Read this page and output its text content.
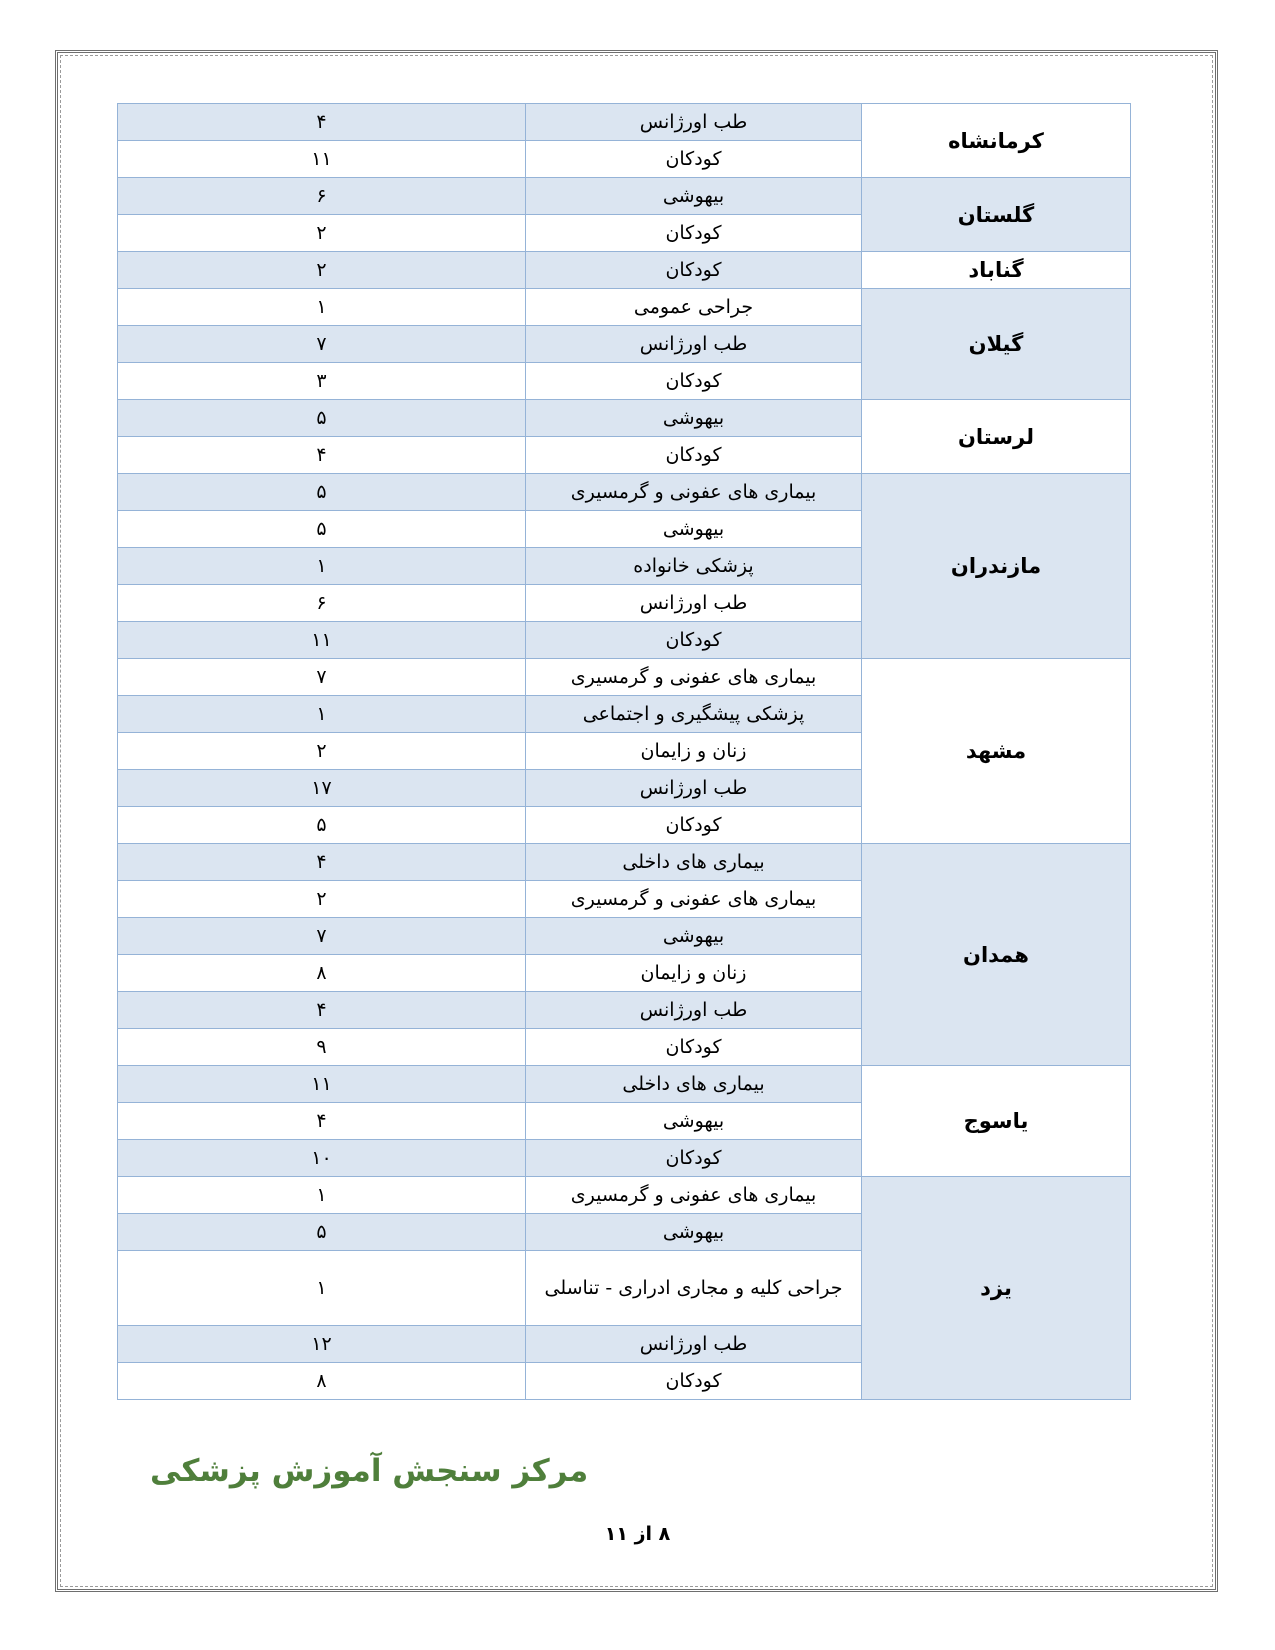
کرمانشاه	طب اورژانس	۴
	کودکان	۱۱
گلستان	بیهوشی	۶
	کودکان	۲
گناباد	کودکان	۲
گیلان	جراحی عمومی	۱
	طب اورژانس	۷
	کودکان	۳
لرستان	بیهوشی	۵
	کودکان	۴
مازندران	بیماری های عفونی و گرمسیری	۵
	بیهوشی	۵
	پزشکی خانواده	۱
	طب اورژانس	۶
	کودکان	۱۱
مشهد	بیماری های عفونی و گرمسیری	۷
	پزشکی پیشگیری و اجتماعی	۱
	زنان و زایمان	۲
	طب اورژانس	۱۷
	کودکان	۵
همدان	بیماری های داخلی	۴
	بیماری های عفونی و گرمسیری	۲
	بیهوشی	۷
	زنان و زایمان	۸
	طب اورژانس	۴
	کودکان	۹
یاسوج	بیماری های داخلی	۱۱
	بیهوشی	۴
	کودکان	۱۰
یزد	بیماری های عفونی و گرمسیری	۱
	بیهوشی	۵
	جراحی کلیه و مجاری ادراری - تناسلی	۱
	طب اورژانس	۱۲
	کودکان	۸
مرکز سنجش آموزش پزشکی
۸ از ۱۱
